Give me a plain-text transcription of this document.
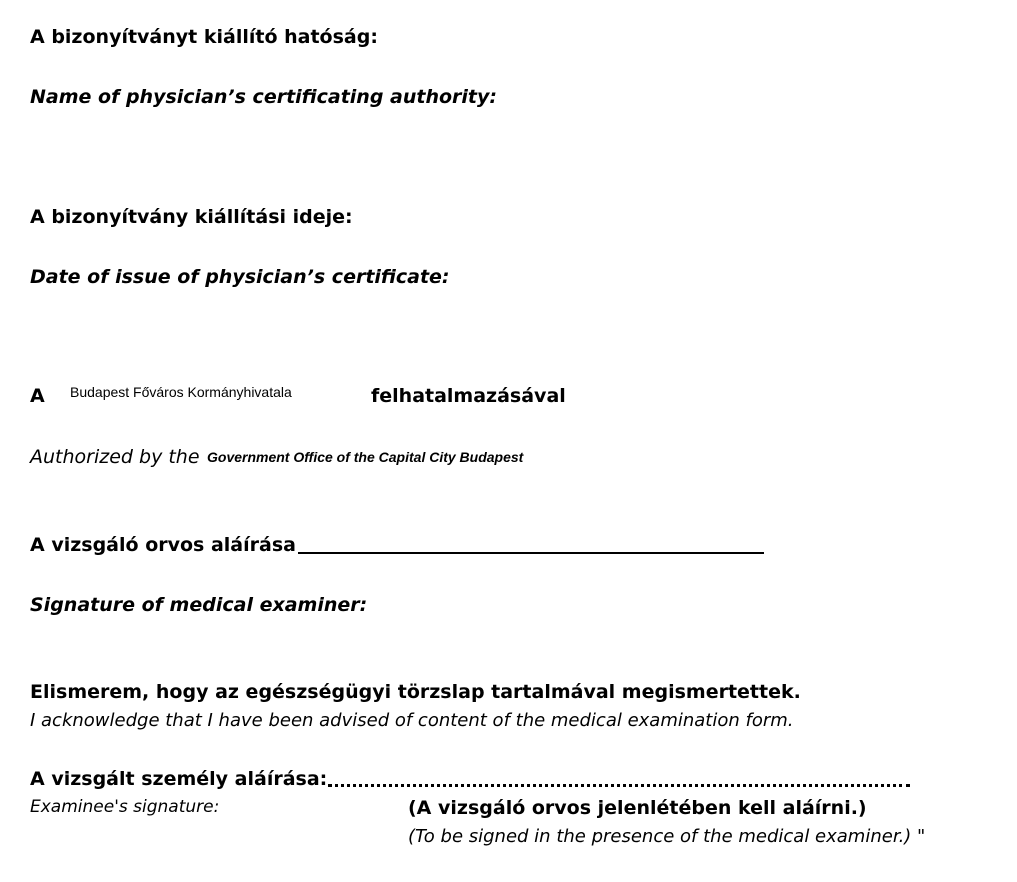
A bizonyítványt kiállító hatóság:
Name of physician’s certificating authority:
A bizonyítvány kiállítási ideje:
Date of issue of physician’s certificate:
A Budapest Főváros Kormányhivatala	felhatalmazásával
Authorized by the Government Office of the Capital City Budapest
A vizsgáló orvos aláírása
Signature of medical examiner:
Elismerem, hogy az egészségügyi törzslap tartalmával megismertettek.
I acknowledge that I have been advised of content of the medical examination form.
A vizsgált személy aláírása:
Examinee's signature:	(A vizsgáló orvos jelenlétében kell aláírni.)
(To be signed in the presence of the medical examiner.) "
